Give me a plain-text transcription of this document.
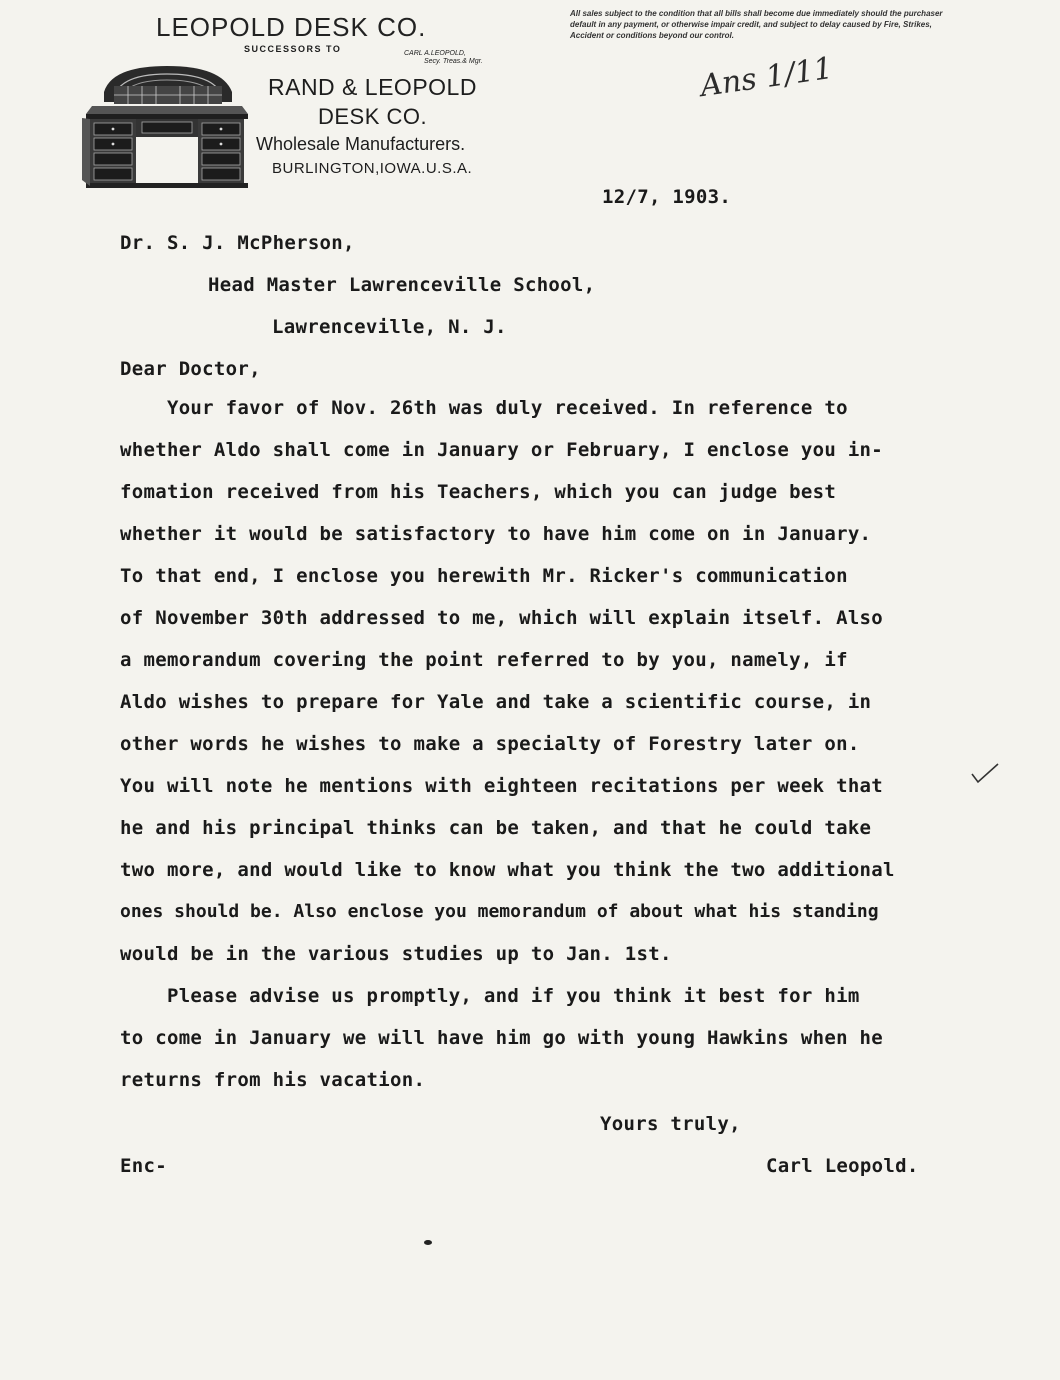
LEOPOLD DESK CO.
SUCCESSORS TO	CARL A.LEOPOLD,
Secy. Treas.& Mgr.
RAND & LEOPOLD
DESK CO.
Wholesale Manufacturers.
BURLINGTON,IOWA.U.S.A.
All sales subject to the condition that all bills shall become due immediately should the purchaser
default in any payment, or otherwise impair credit, and subject to delay caused by Fire, Strikes,
Accident or conditions beyond our control.
Ans 1/11
12/7, 1903.
Dr. S. J. McPherson,
Head Master Lawrenceville School,
Lawrenceville, N. J.
Dear Doctor,
Your favor of Nov. 26th was duly received. In reference to
whether Aldo shall come in January or February, I enclose you in-
fomation received from his Teachers, which you can judge best
whether it would be satisfactory to have him come on in January.
To that end, I enclose you herewith Mr. Ricker's communication
of November 30th addressed to me, which will explain itself. Also
a memorandum covering the point referred to by you, namely, if
Aldo wishes to prepare for Yale and take a scientific course, in
other words he wishes to make a specialty of Forestry later on.
You will note he mentions with eighteen recitations per week that
he and his principal thinks can be taken, and that he could take
two more, and would like to know what you think the two additional
ones should be. Also enclose you memorandum of about what his standing
would be in the various studies up to Jan. 1st.
Please advise us promptly, and if you think it best for him
to come in January we will have him go with young Hawkins when he
returns from his vacation.
Yours truly,
Enc-	Carl Leopold.
